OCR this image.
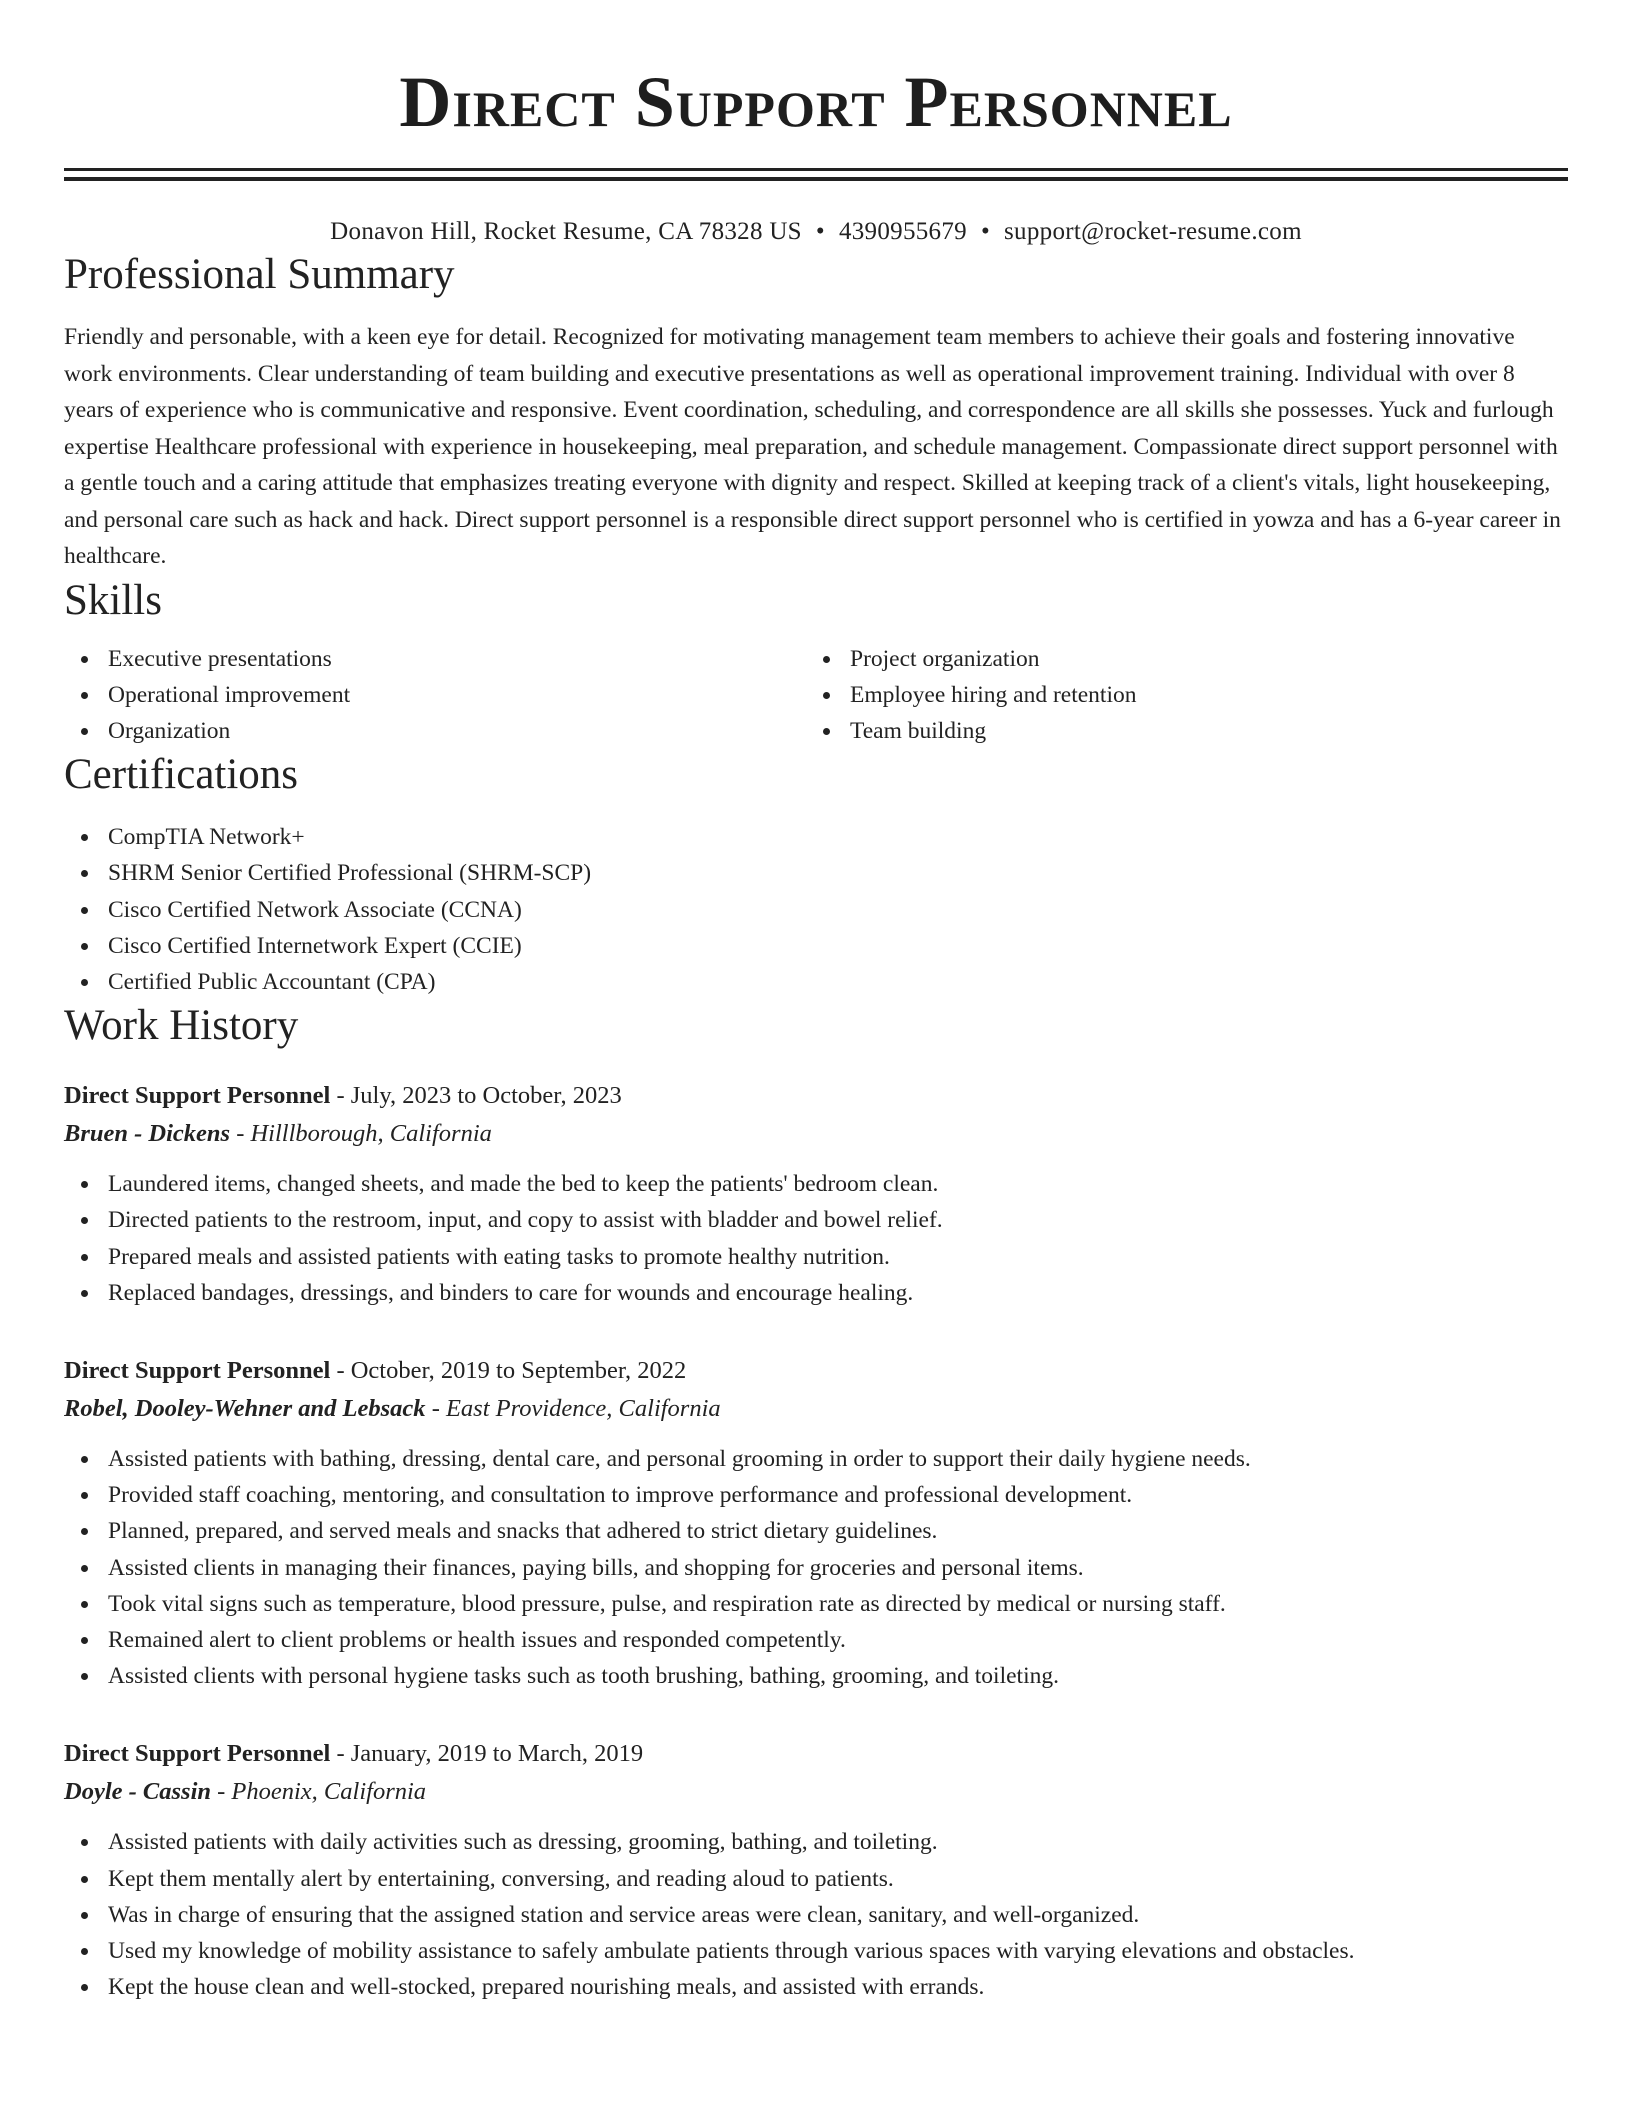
Direct Support Personnel
Donavon Hill, Rocket Resume, CA 78328 US • 4390955679 • support@rocket-resume.com
Professional Summary

Friendly and personable, with a keen eye for detail. Recognized for motivating management team members to achieve their goals and fostering innovative work environments. Clear understanding of team building and executive presentations as well as operational improvement training. Individual with over 8 years of experience who is communicative and responsive. Event coordination, scheduling, and correspondence are all skills she possesses. Yuck and furlough expertise Healthcare professional with experience in housekeeping, meal preparation, and schedule management. Compassionate direct support personnel with a gentle touch and a caring attitude that emphasizes treating everyone with dignity and respect. Skilled at keeping track of a client's vitals, light housekeeping, and personal care such as hack and hack. Direct support personnel is a responsible direct support personnel who is certified in yowza and has a 6-year career in healthcare.

Skills
Executive presentations
Operational improvement
Organization
Project organization
Employee hiring and retention
Team building
Certifications
CompTIA Network+
SHRM Senior Certified Professional (SHRM-SCP)
Cisco Certified Network Associate (CCNA)
Cisco Certified Internetwork Expert (CCIE)
Certified Public Accountant (CPA)
Work History
Direct Support Personnel - July, 2023 to October, 2023
Bruen - Dickens - Hilllborough, California
Laundered items, changed sheets, and made the bed to keep the patients' bedroom clean.
Directed patients to the restroom, input, and copy to assist with bladder and bowel relief.
Prepared meals and assisted patients with eating tasks to promote healthy nutrition.
Replaced bandages, dressings, and binders to care for wounds and encourage healing.
Direct Support Personnel - October, 2019 to September, 2022
Robel, Dooley-Wehner and Lebsack - East Providence, California
Assisted patients with bathing, dressing, dental care, and personal grooming in order to support their daily hygiene needs.
Provided staff coaching, mentoring, and consultation to improve performance and professional development.
Planned, prepared, and served meals and snacks that adhered to strict dietary guidelines.
Assisted clients in managing their finances, paying bills, and shopping for groceries and personal items.
Took vital signs such as temperature, blood pressure, pulse, and respiration rate as directed by medical or nursing staff.
Remained alert to client problems or health issues and responded competently.
Assisted clients with personal hygiene tasks such as tooth brushing, bathing, grooming, and toileting.
Direct Support Personnel - January, 2019 to March, 2019
Doyle - Cassin - Phoenix, California
Assisted patients with daily activities such as dressing, grooming, bathing, and toileting.
Kept them mentally alert by entertaining, conversing, and reading aloud to patients.
Was in charge of ensuring that the assigned station and service areas were clean, sanitary, and well-organized.
Used my knowledge of mobility assistance to safely ambulate patients through various spaces with varying elevations and obstacles.
Kept the house clean and well-stocked, prepared nourishing meals, and assisted with errands.
